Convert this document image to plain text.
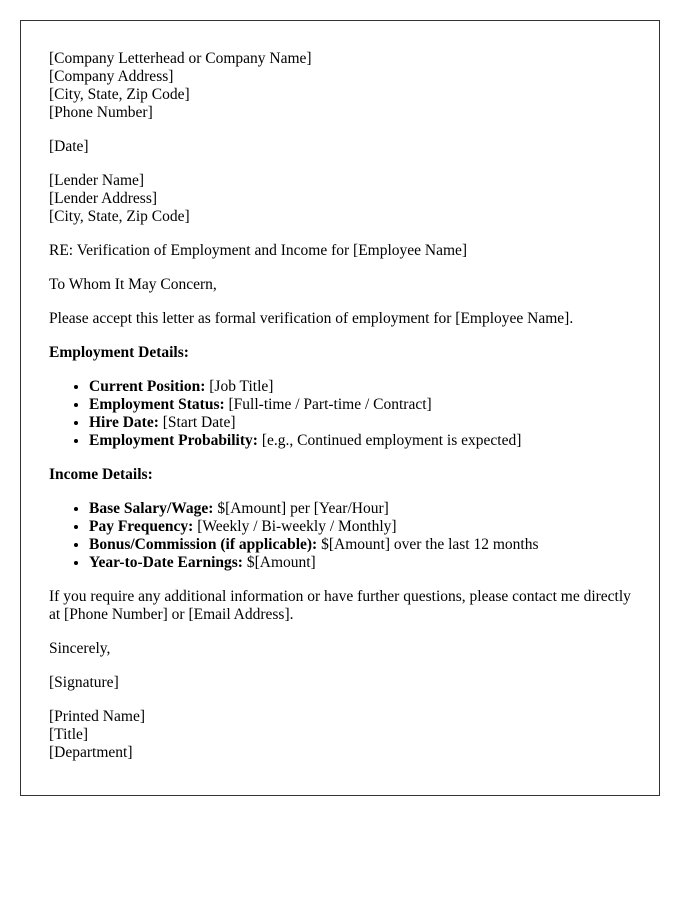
[Company Letterhead or Company Name]

[Company Address]

[City, State, Zip Code]

[Phone Number]

[Date]

[Lender Name]

[Lender Address]

[City, State, Zip Code]

RE: Verification of Employment and Income for [Employee Name]

To Whom It May Concern,

Please accept this letter as formal verification of employment for [Employee Name].

Employment Details:

• Current Position: [Job Title]
• Employment Status: [Full-time / Part-time / Contract]
• Hire Date: [Start Date]
• Employment Probability: [e.g., Continued employment is expected]

Income Details:

• Base Salary/Wage: $[Amount] per [Year/Hour]
• Pay Frequency: [Weekly / Bi-weekly / Monthly]
• Bonus/Commission (if applicable): $[Amount] over the last 12 months
• Year-to-Date Earnings: $[Amount]

If you require any additional information or have further questions, please contact me directly at [Phone Number] or [Email Address].

Sincerely,

[Signature]

[Printed Name]

[Title]

[Department]
